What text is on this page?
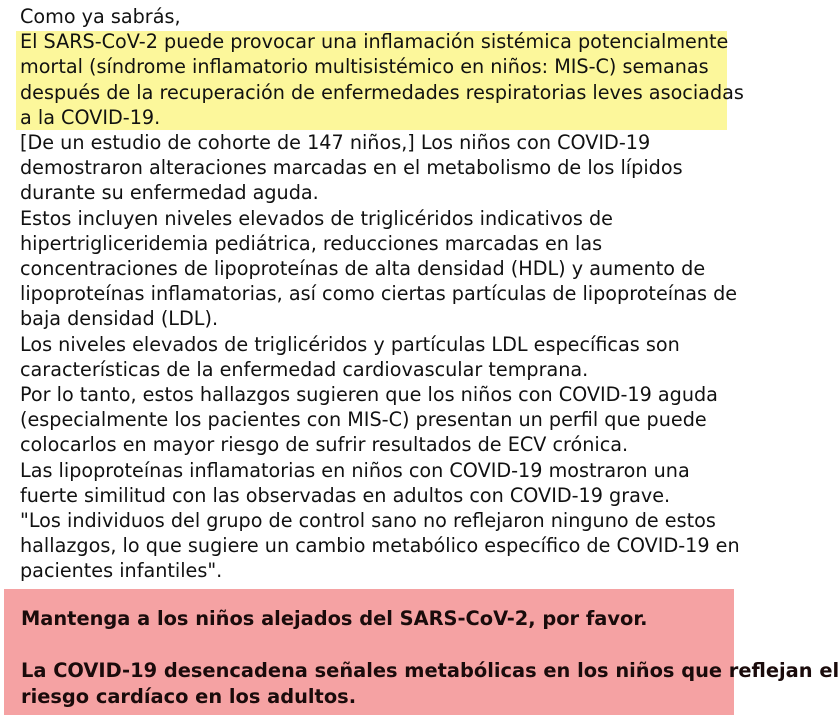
Como ya sabrás,
El SARS-CoV-2 puede provocar una inflamación sistémica potencialmente
mortal (síndrome inflamatorio multisistémico en niños: MIS-C) semanas
después de la recuperación de enfermedades respiratorias leves asociadas
a la COVID-19.
[De un estudio de cohorte de 147 niños,] Los niños con COVID-19
demostraron alteraciones marcadas en el metabolismo de los lípidos
durante su enfermedad aguda.
Estos incluyen niveles elevados de triglicéridos indicativos de
hipertrigliceridemia pediátrica, reducciones marcadas en las
concentraciones de lipoproteínas de alta densidad (HDL) y aumento de
lipoproteínas inflamatorias, así como ciertas partículas de lipoproteínas de
baja densidad (LDL).
Los niveles elevados de triglicéridos y partículas LDL específicas son
características de la enfermedad cardiovascular temprana.
Por lo tanto, estos hallazgos sugieren que los niños con COVID-19 aguda
(especialmente los pacientes con MIS-C) presentan un perfil que puede
colocarlos en mayor riesgo de sufrir resultados de ECV crónica.
Las lipoproteínas inflamatorias en niños con COVID-19 mostraron una
fuerte similitud con las observadas en adultos con COVID-19 grave.
"Los individuos del grupo de control sano no reflejaron ninguno de estos
hallazgos, lo que sugiere un cambio metabólico específico de COVID-19 en
pacientes infantiles".
Mantenga a los niños alejados del SARS-CoV-2, por favor.
La COVID-19 desencadena señales metabólicas en los niños que reflejan el
riesgo cardíaco en los adultos.
